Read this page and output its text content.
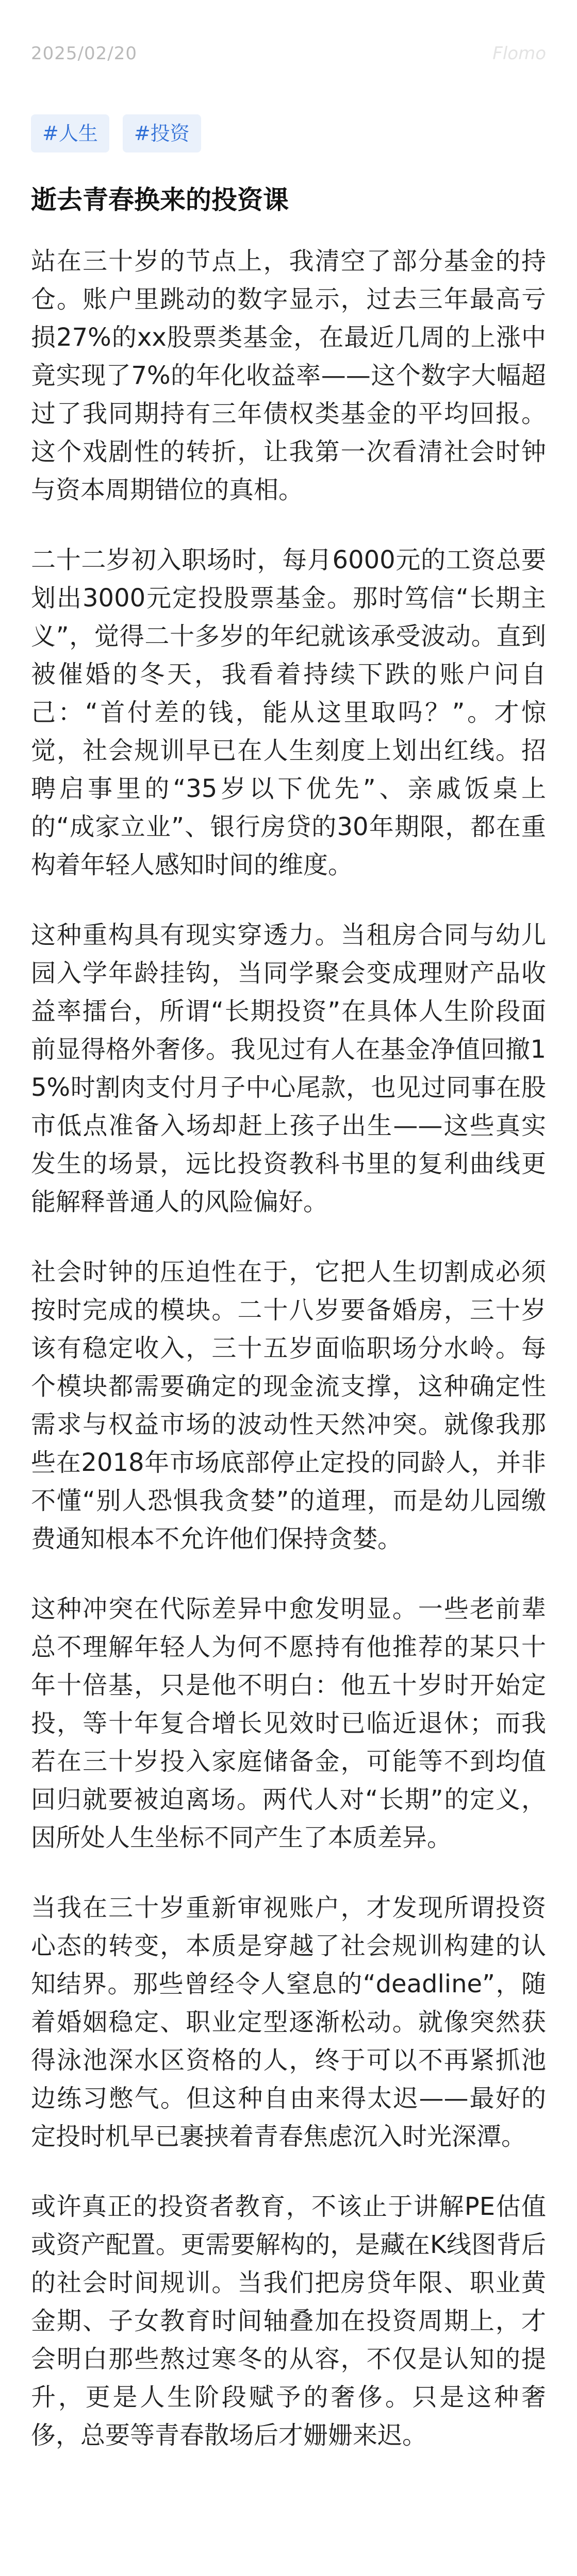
2025/02/20	Flomo
#人生	#投资
逝去青春换来的投资课

站在三十岁的节点上，我清空了部分基金的持仓。账户里跳动的数字显示，过去三年最高亏损27%的xx股票类基金，在最近几周的上涨中竟实现了7%的年化收益率——这个数字大幅超过了我同期持有三年债权类基金的平均回报。这个戏剧性的转折，让我第一次看清社会时钟与资本周期错位的真相。

二十二岁初入职场时，每月6000元的工资总要划出3000元定投股票基金。那时笃信“长期主义”，觉得二十多岁的年纪就该承受波动。直到被催婚的冬天，我看着持续下跌的账户问自己：“首付差的钱，能从这里取吗？”。才惊觉，社会规训早已在人生刻度上划出红线。招聘启事里的“35岁以下优先”、亲戚饭桌上的“成家立业”、银行房贷的30年期限，都在重构着年轻人感知时间的维度。

这种重构具有现实穿透力。当租房合同与幼儿园入学年龄挂钩，当同学聚会变成理财产品收益率擂台，所谓“长期投资”在具体人生阶段面前显得格外奢侈。我见过有人在基金净值回撤15%时割肉支付月子中心尾款，也见过同事在股市低点准备入场却赶上孩子出生——这些真实发生的场景，远比投资教科书里的复利曲线更能解释普通人的风险偏好。

社会时钟的压迫性在于，它把人生切割成必须按时完成的模块。二十八岁要备婚房，三十岁该有稳定收入，三十五岁面临职场分水岭。每个模块都需要确定的现金流支撑，这种确定性需求与权益市场的波动性天然冲突。就像我那些在2018年市场底部停止定投的同龄人，并非不懂“别人恐惧我贪婪”的道理，而是幼儿园缴费通知根本不允许他们保持贪婪。

这种冲突在代际差异中愈发明显。一些老前辈总不理解年轻人为何不愿持有他推荐的某只十年十倍基，只是他不明白：他五十岁时开始定投，等十年复合增长见效时已临近退休；而我若在三十岁投入家庭储备金，可能等不到均值回归就要被迫离场。两代人对“长期”的定义，因所处人生坐标不同产生了本质差异。

当我在三十岁重新审视账户，才发现所谓投资心态的转变，本质是穿越了社会规训构建的认知结界。那些曾经令人窒息的“deadline”，随着婚姻稳定、职业定型逐渐松动。就像突然获得泳池深水区资格的人，终于可以不再紧抓池边练习憋气。但这种自由来得太迟——最好的定投时机早已裹挟着青春焦虑沉入时光深潭。

或许真正的投资者教育，不该止于讲解PE估值或资产配置。更需要解构的，是藏在K线图背后的社会时间规训。当我们把房贷年限、职业黄金期、子女教育时间轴叠加在投资周期上，才会明白那些熬过寒冬的从容，不仅是认知的提升，更是人生阶段赋予的奢侈。只是这种奢侈，总要等青春散场后才姗姗来迟。
